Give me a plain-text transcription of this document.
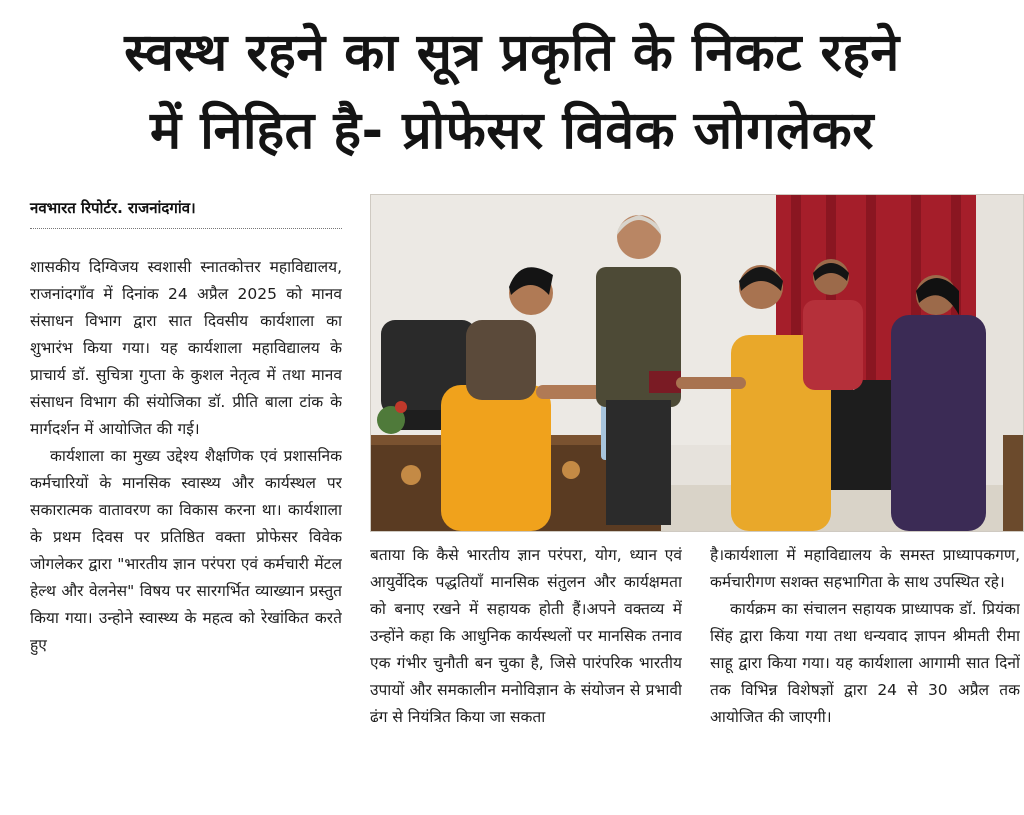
स्वस्थ रहने का सूत्र प्रकृति के निकट रहने
में निहित है- प्रोफेसर विवेक जोगलेकर
नवभारत रिपोर्टर. राजनांदगांव।

शासकीय दिग्विजय स्वशासी स्नातकोत्तर महाविद्यालय, राजनांदगाँव में दिनांक 24 अप्रैल 2025 को मानव संसाधन विभाग द्वारा सात दिवसीय कार्यशाला का शुभारंभ किया गया। यह कार्यशाला महाविद्यालय के प्राचार्य डॉ. सुचित्रा गुप्ता के कुशल नेतृत्व में तथा मानव संसाधन विभाग की संयोजिका डॉ. प्रीति बाला टांक के मार्गदर्शन में आयोजित की गई।

कार्यशाला का मुख्य उद्देश्य शैक्षणिक एवं प्रशासनिक कर्मचारियों के मानसिक स्वास्थ्य और कार्यस्थल पर सकारात्मक वातावरण का विकास करना था। कार्यशाला के प्रथम दिवस पर प्रतिष्ठित वक्ता प्रोफेसर विवेक जोगलेकर द्वारा "भारतीय ज्ञान परंपरा एवं कर्मचारी मेंटल हेल्थ और वेलनेस" विषय पर सारगर्भित व्याख्यान प्रस्तुत किया गया। उन्होने स्वास्थ्य के महत्व को रेखांकित करते हुए

बताया कि कैसे भारतीय ज्ञान परंपरा, योग, ध्यान एवं आयुर्वेदिक पद्धतियाँ मानसिक संतुलन और कार्यक्षमता को बनाए रखने में सहायक होती हैं।अपने वक्तव्य में उन्होंने कहा कि आधुनिक कार्यस्थलों पर मानसिक तनाव एक गंभीर चुनौती बन चुका है, जिसे पारंपरिक भारतीय उपायों और समकालीन मनोविज्ञान के संयोजन से प्रभावी ढंग से नियंत्रित किया जा सकता

है।कार्यशाला में महाविद्यालय के समस्त प्राध्यापकगण, कर्मचारीगण सशक्त सहभागिता के साथ उपस्थित रहे।

कार्यक्रम का संचालन सहायक प्राध्यापक डॉ. प्रियंका सिंह द्वारा किया गया तथा धन्यवाद ज्ञापन श्रीमती रीमा साहू द्वारा किया गया। यह कार्यशाला आगामी सात दिनों तक विभिन्न विशेषज्ञों द्वारा 24 से 30 अप्रैल तक आयोजित की जाएगी।
